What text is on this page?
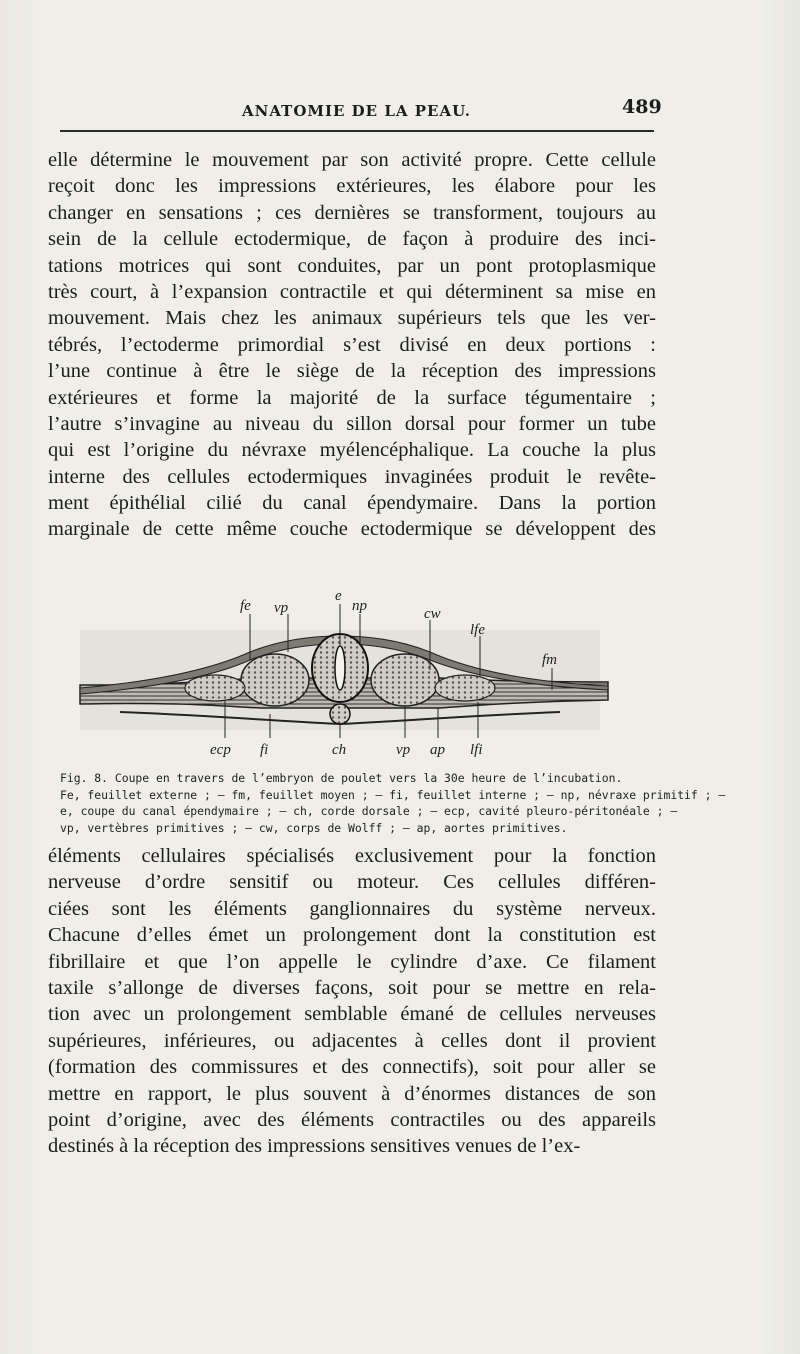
ANATOMIE DE LA PEAU.	489
elle détermine le mouvement par son activité propre. Cette cellule
reçoit donc les impressions extérieures, les élabore pour les
changer en sensations ; ces dernières se transforment, toujours au
sein de la cellule ectodermique, de façon à produire des inci-
tations motrices qui sont conduites, par un pont protoplasmique
très court, à l’expansion contractile et qui déterminent sa mise en
mouvement. Mais chez les animaux supérieurs tels que les ver-
tébrés, l’ectoderme primordial s’est divisé en deux portions :
l’une continue à être le siège de la réception des impressions
extérieures et forme la majorité de la surface tégumentaire ;
l’autre s’invagine au niveau du sillon dorsal pour former un tube
qui est l’origine du névraxe myélencéphalique. La couche la plus
interne des cellules ectodermiques invaginées produit le revête-
ment épithélial cilié du canal épendymaire. Dans la portion
marginale de cette même couche ectodermique se développent des
fe vp
e
np	cw
lfe
fm
ecp fi	ch	vp ap lfi
Fig. 8. Coupe en travers de l’embryon de poulet vers la 30e heure de l’incubation.
Fe, feuillet externe ; — fm, feuillet moyen ; — fi, feuillet interne ; — np, névraxe primitif ; —
e, coupe du canal épendymaire ; — ch, corde dorsale ; — ecp, cavité pleuro-péritonéale ; —
vp, vertèbres primitives ; — cw, corps de Wolff ; — ap, aortes primitives.
éléments cellulaires spécialisés exclusivement pour la fonction
nerveuse d’ordre sensitif ou moteur. Ces cellules différen-
ciées sont les éléments ganglionnaires du système nerveux.
Chacune d’elles émet un prolongement dont la constitution est
fibrillaire et que l’on appelle le cylindre d’axe. Ce filament
taxile s’allonge de diverses façons, soit pour se mettre en rela-
tion avec un prolongement semblable émané de cellules nerveuses
supérieures, inférieures, ou adjacentes à celles dont il provient
(formation des commissures et des connectifs), soit pour aller se
mettre en rapport, le plus souvent à d’énormes distances de son
point d’origine, avec des éléments contractiles ou des appareils
destinés à la réception des impressions sensitives venues de l’ex-
